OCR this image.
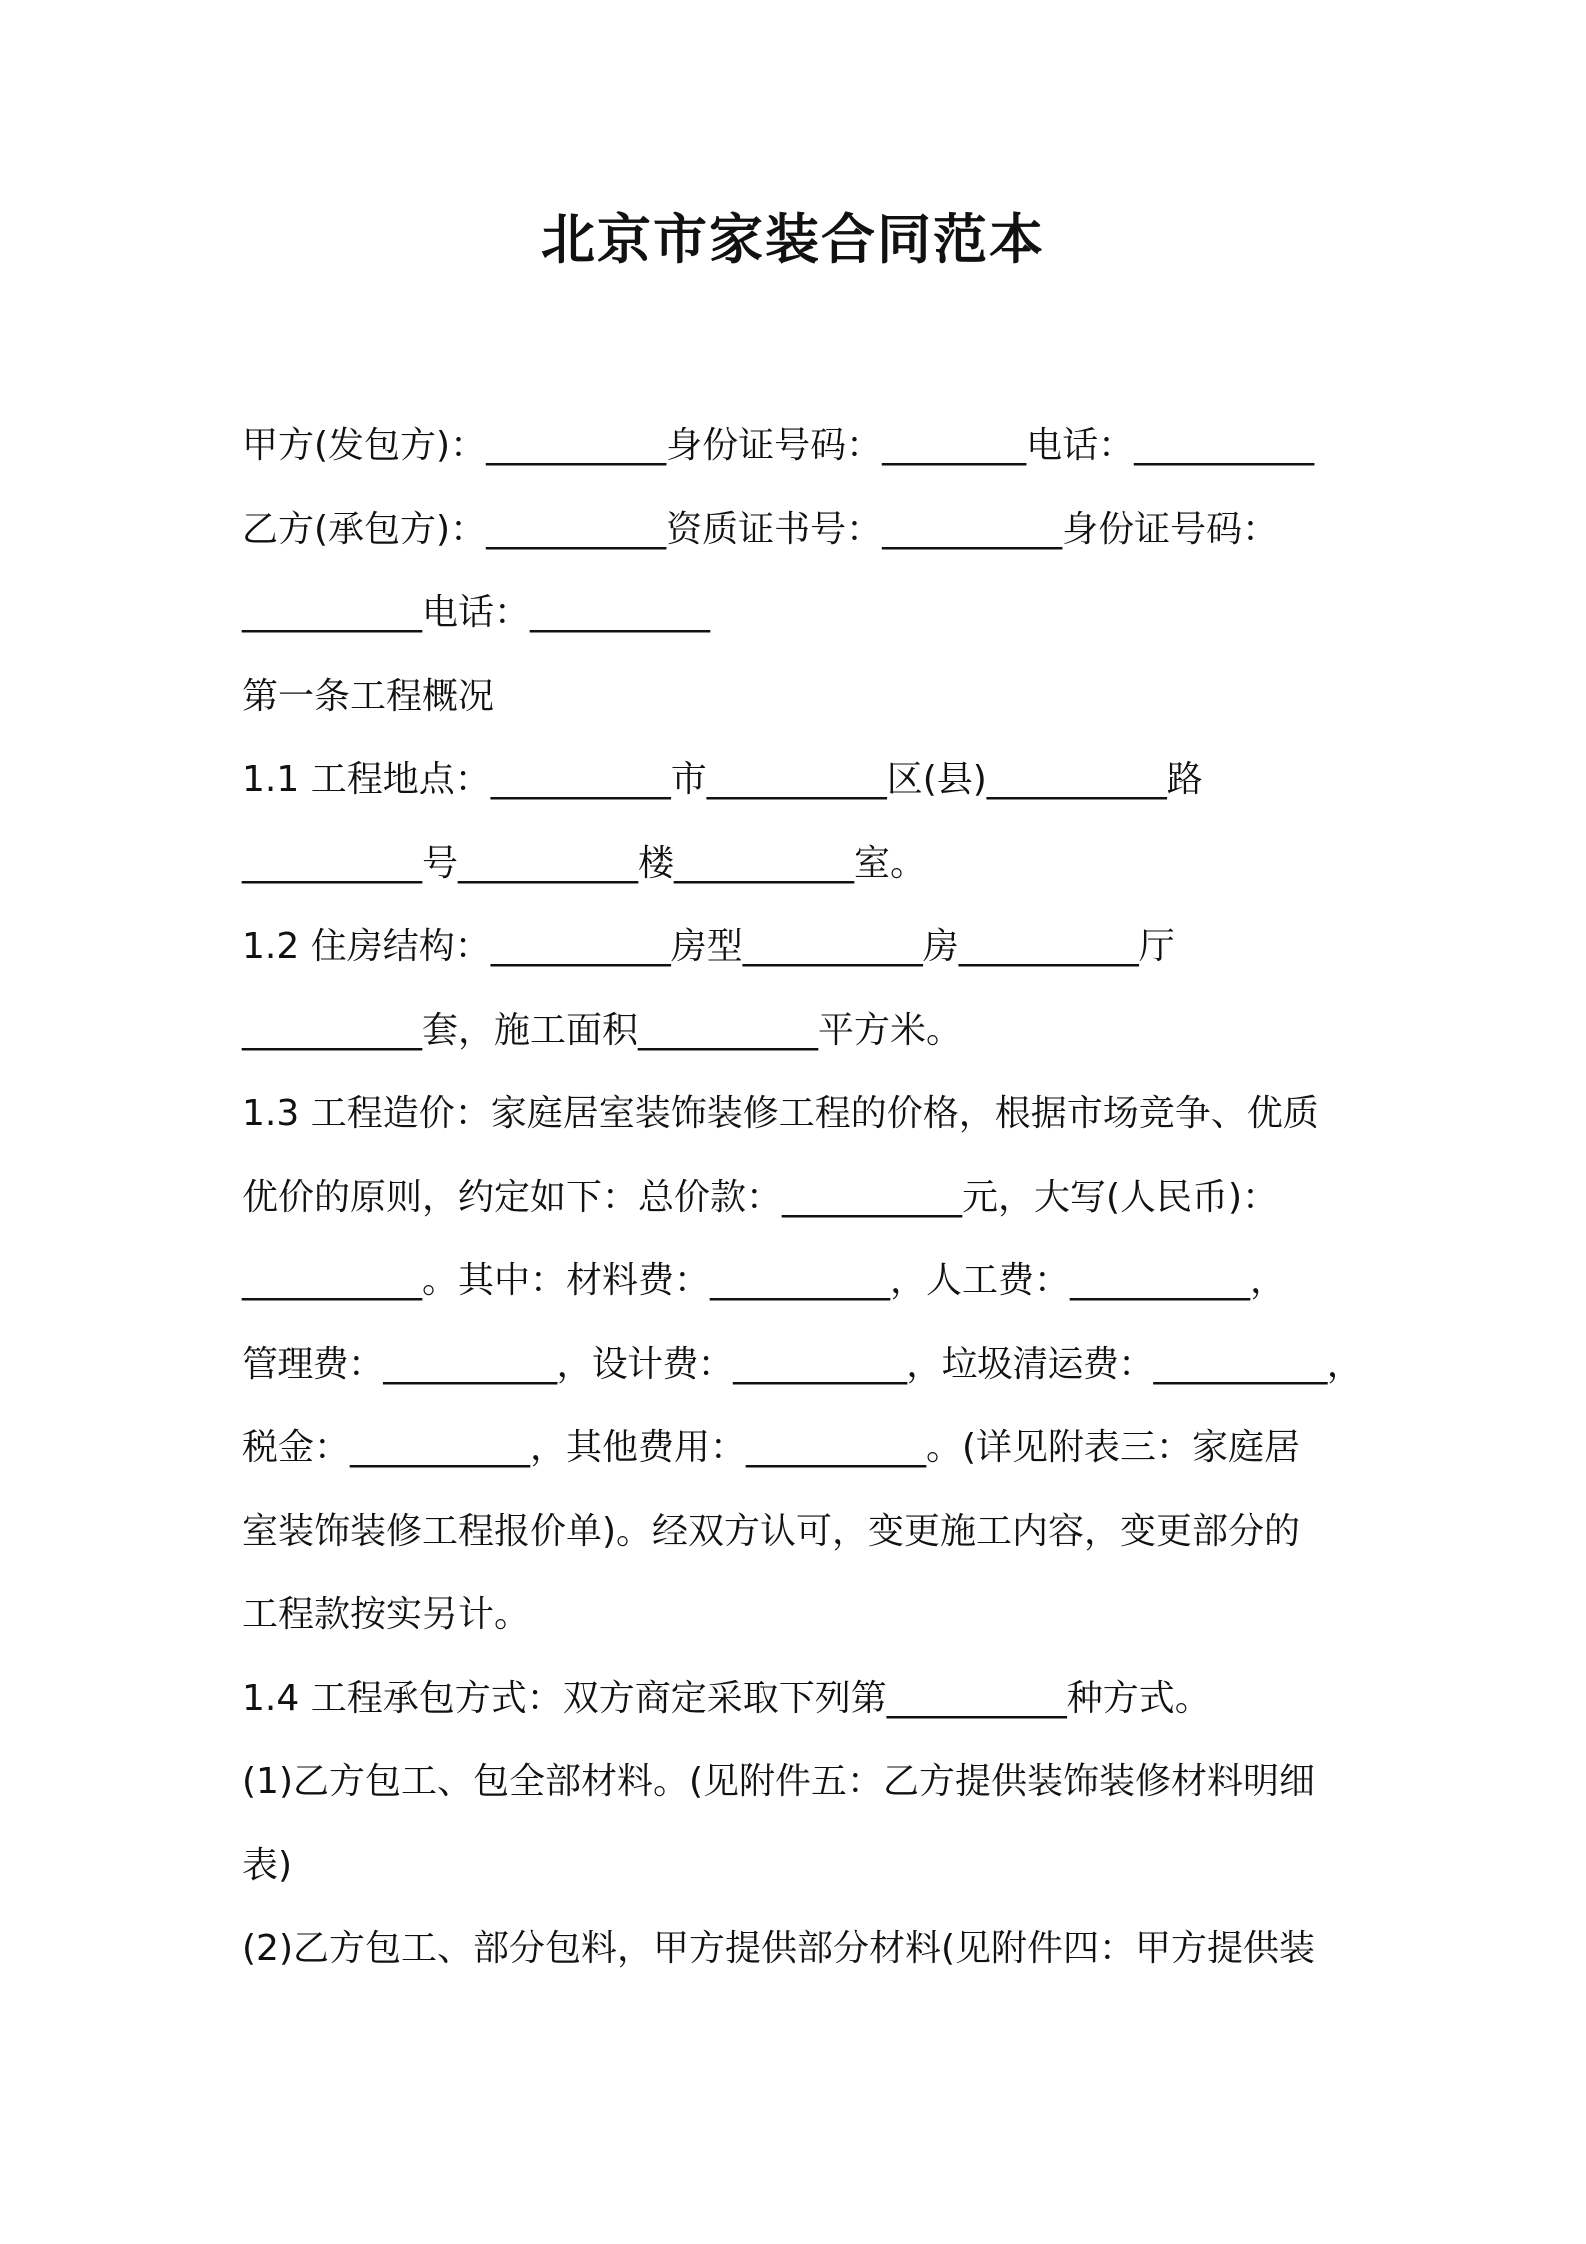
北京市家装合同范本

甲方(发包方)：__________身份证号码：________电话：__________

乙方(承包方)：__________资质证书号：__________身份证号码：

__________电话：__________

第一条工程概况

1.1 工程地点：__________市__________区(县)__________路

__________号__________楼__________室。

1.2 住房结构：__________房型__________房__________厅

__________套，施工面积__________平方米。

1.3 工程造价：家庭居室装饰装修工程的价格，根据市场竞争、优质

优价的原则，约定如下：总价款：__________元，大写(人民币)：

__________。其中：材料费：__________，人工费：__________，

管理费：__________，设计费：__________，垃圾清运费：__________，

税金：__________，其他费用：__________。(详见附表三：家庭居

室装饰装修工程报价单)。经双方认可，变更施工内容，变更部分的

工程款按实另计。

1.4 工程承包方式：双方商定采取下列第__________种方式。

(1)乙方包工、包全部材料。(见附件五：乙方提供装饰装修材料明细

表)

(2)乙方包工、部分包料，甲方提供部分材料(见附件四：甲方提供装
